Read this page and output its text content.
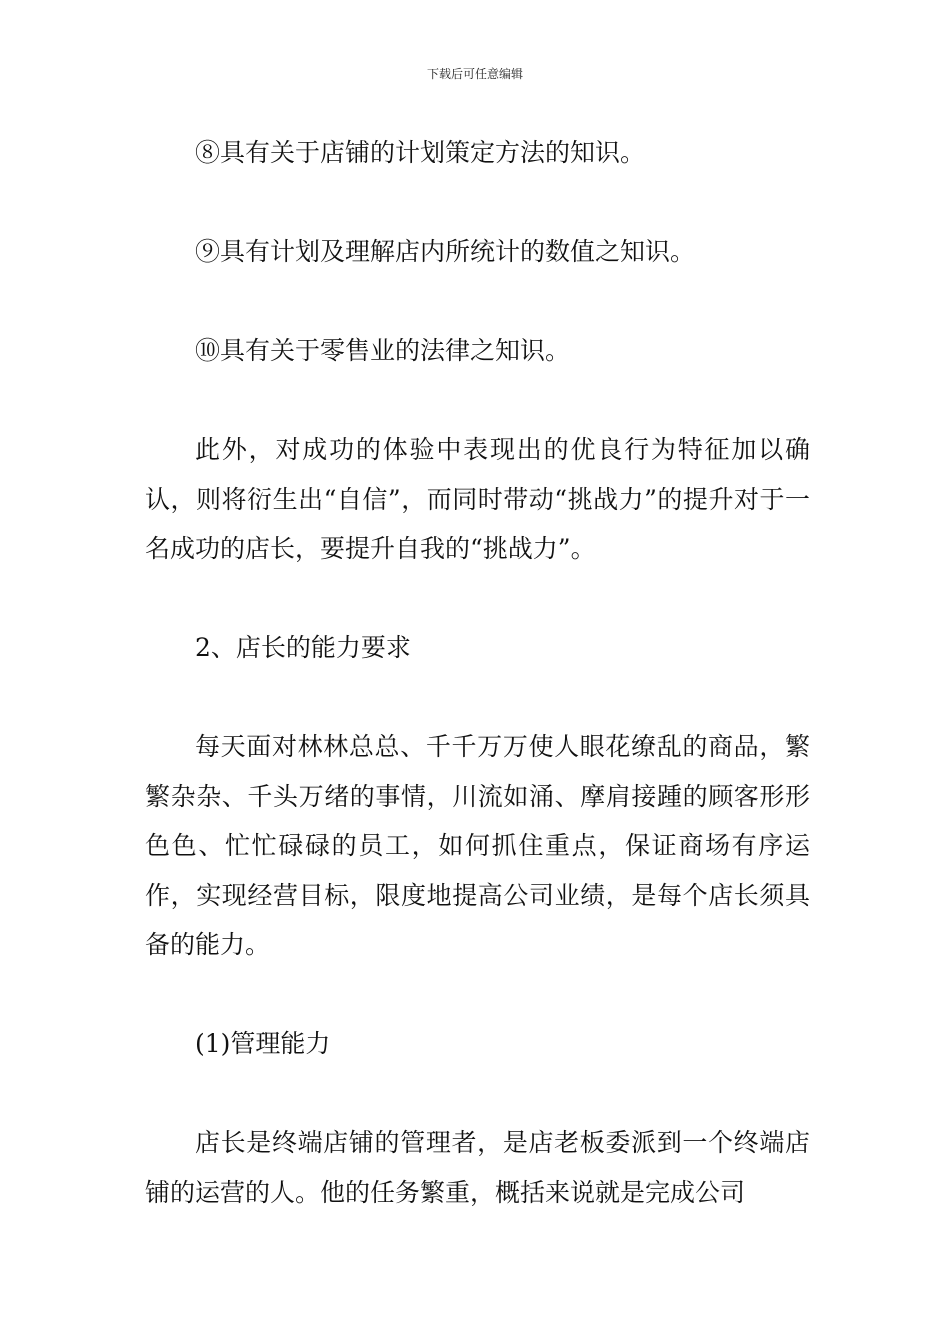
下载后可任意编辑

⑧具有关于店铺的计划策定方法的知识。

⑨具有计划及理解店内所统计的数值之知识。

⑩具有关于零售业的法律之知识。

此外，对成功的体验中表现出的优良行为特征加以确认，则将衍生出“自信”，而同时带动“挑战力”的提升对于一名成功的店长，要提升自我的“挑战力”。

2、店长的能力要求

每天面对林林总总、千千万万使人眼花缭乱的商品，繁繁杂杂、千头万绪的事情，川流如涌、摩肩接踵的顾客形形色色、忙忙碌碌的员工，如何抓住重点，保证商场有序运作，实现经营目标，限度地提高公司业绩，是每个店长须具备的能力。

(1)管理能力

店长是终端店铺的管理者，是店老板委派到一个终端店铺的运营的人。他的任务繁重，概括来说就是完成公司
